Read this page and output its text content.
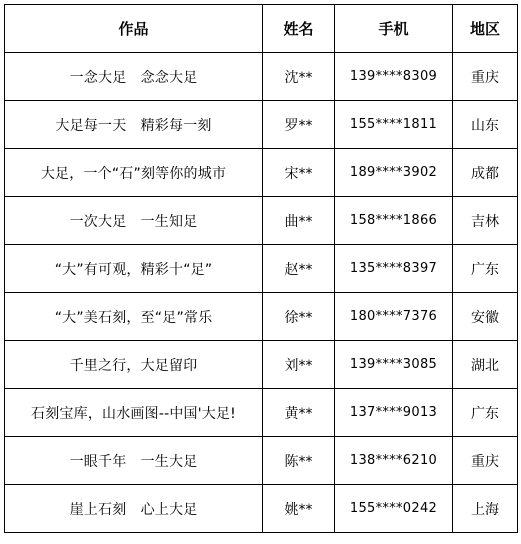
作品	姓名	手机	地区
一念大足　念念大足	沈**	139****8309	重庆
大足每一天　精彩每一刻	罗**	155****1811	山东
大足，一个“石”刻等你的城市	宋**	189****3902	成都
一次大足　一生知足	曲**	158****1866	吉林
“大”有可观，精彩十“足”	赵**	135****8397	广东
“大”美石刻，至“足”常乐	徐**	180****7376	安徽
千里之行，大足留印	刘**	139****3085	湖北
石刻宝库，山水画图--中国'大足!	黄**	137****9013	广东
一眼千年　一生大足	陈**	138****6210	重庆
崖上石刻　心上大足	姚**	155****0242	上海
